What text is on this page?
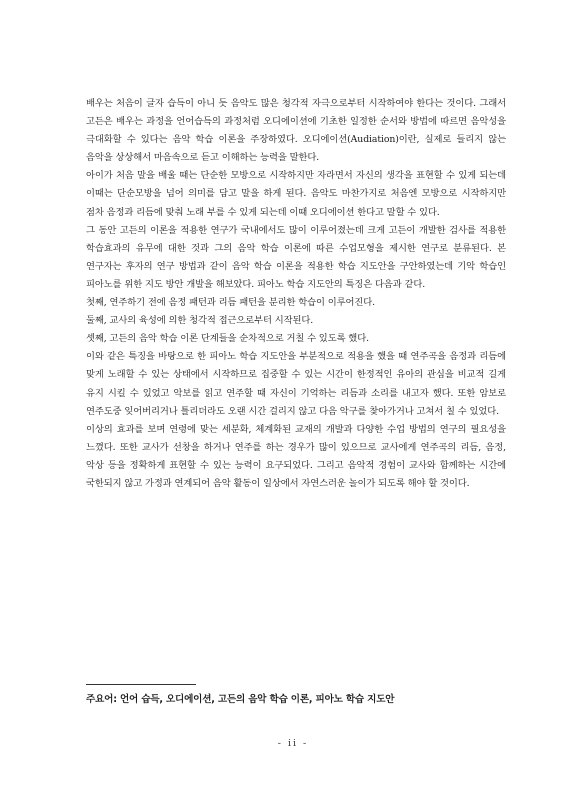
배우는 처음이 글자 습득이 아니 듯 음악도 많은 청각적 자극으로부터 시작하여야 한다는 것이다. 그래서 고든은 배우는 과정을 언어습득의 과정처럼 오디에이션에 기초한 일정한 순서와 방법에 따르면 음악성을 극대화할 수 있다는 음악 학습 이론을 주장하였다. 오디에이션(Audiation)이란, 실제로 들리지 않는 음악을 상상해서 마음속으로 듣고 이해하는 능력을 말한다.

아이가 처음 말을 배울 때는 단순한 모방으로 시작하지만 자라면서 자신의 생각을 표현할 수 있게 되는데 이때는 단순모방을 넘어 의미를 담고 말을 하게 된다. 음악도 마찬가지로 처음엔 모방으로 시작하지만 점차 음정과 리듬에 맞춰 노래 부를 수 있게 되는데 이때 오디에이션 한다고 말할 수 있다.

그 동안 고든의 이론을 적용한 연구가 국내에서도 많이 이루어졌는데 크게 고든이 개발한 검사를 적용한 학습효과의 유무에 대한 것과 그의 음악 학습 이론에 따른 수업모형을 제시한 연구로 분류된다. 본 연구자는 후자의 연구 방법과 같이 음악 학습 이론을 적용한 학습 지도안을 구안하였는데 기악 학습인 피아노를 위한 지도 방안 개발을 해보았다. 피아노 학습 지도안의 특징은 다음과 같다.

첫째, 연주하기 전에 음정 패턴과 리듬 패턴을 분리한 학습이 이루어진다.

둘째, 교사의 육성에 의한 청각적 접근으로부터 시작된다.

셋째, 고든의 음악 학습 이론 단계들을 순차적으로 거칠 수 있도록 했다.

이와 같은 특징을 바탕으로 한 피아노 학습 지도안을 부분적으로 적용을 했을 때 연주곡을 음정과 리듬에 맞게 노래할 수 있는 상태에서 시작하므로 집중할 수 있는 시간이 한정적인 유아의 관심을 비교적 길게 유지 시킬 수 있었고 악보를 읽고 연주할 때 자신이 기억하는 리듬과 소리를 내고자 했다. 또한 암보로 연주도중 잊어버리거나 틀리더라도 오랜 시간 걸리지 않고 다음 악구를 찾아가거나 고쳐서 칠 수 있었다.

이상의 효과를 보며 연령에 맞는 세분화, 체계화된 교재의 개발과 다양한 수업 방법의 연구의 필요성을 느꼈다. 또한 교사가 선창을 하거나 연주를 하는 경우가 많이 있으므로 교사에게 연주곡의 리듬, 음정, 악상 등을 정확하게 표현할 수 있는 능력이 요구되었다. 그리고 음악적 경험이 교사와 함께하는 시간에 국한되지 않고 가정과 연계되어 음악 활동이 일상에서 자연스러운 놀이가 되도록 해야 할 것이다.

주요어: 언어 습득, 오디에이션, 고든의 음악 학습 이론, 피아노 학습 지도안
- ii -
